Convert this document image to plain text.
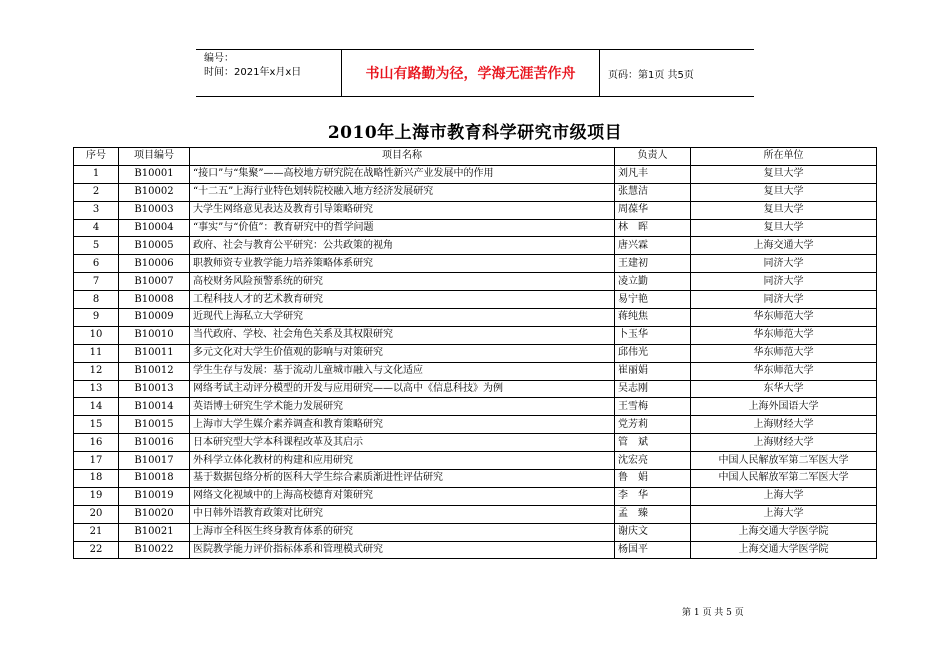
编号：
时间：2021年x月x日	书山有路勤为径，学海无涯苦作舟	页码：第1页 共5页
2010年上海市教育科学研究市级项目
序号	项目编号	项目名称	负责人	所在单位
1	B10001	“接口”与“集聚”——高校地方研究院在战略性新兴产业发展中的作用	刘凡丰	复旦大学
2	B10002	“十二五”上海行业特色划转院校融入地方经济发展研究	张慧洁	复旦大学
3	B10003	大学生网络意见表达及教育引导策略研究	周葆华	复旦大学
4	B10004	“事实”与“价值”：教育研究中的哲学问题	林　晖	复旦大学
5	B10005	政府、社会与教育公平研究：公共政策的视角	唐兴霖	上海交通大学
6	B10006	职教师资专业教学能力培养策略体系研究	王建初	同济大学
7	B10007	高校财务风险预警系统的研究	凌立勤	同济大学
8	B10008	工程科技人才的艺术教育研究	易宁艳	同济大学
9	B10009	近现代上海私立大学研究	蒋纯焦	华东师范大学
10	B10010	当代政府、学校、社会角色关系及其权限研究	卜玉华	华东师范大学
11	B10011	多元文化对大学生价值观的影响与对策研究	邱伟光	华东师范大学
12	B10012	学生生存与发展：基于流动儿童城市融入与文化适应	崔丽娟	华东师范大学
13	B10013	网络考试主动评分模型的开发与应用研究——以高中《信息科技》为例	吴志刚	东华大学
14	B10014	英语博士研究生学术能力发展研究	王雪梅	上海外国语大学
15	B10015	上海市大学生媒介素养调查和教育策略研究	党芳莉	上海财经大学
16	B10016	日本研究型大学本科课程改革及其启示	管　斌	上海财经大学
17	B10017	外科学立体化教材的构建和应用研究	沈宏亮	中国人民解放军第二军医大学
18	B10018	基于数据包络分析的医科大学生综合素质渐进性评估研究	鲁　娟	中国人民解放军第二军医大学
19	B10019	网络文化视域中的上海高校德育对策研究	李　华	上海大学
20	B10020	中日韩外语教育政策对比研究	孟　臻	上海大学
21	B10021	上海市全科医生终身教育体系的研究	谢庆文	上海交通大学医学院
22	B10022	医院教学能力评价指标体系和管理模式研究	杨国平	上海交通大学医学院
第 1 页 共 5 页
